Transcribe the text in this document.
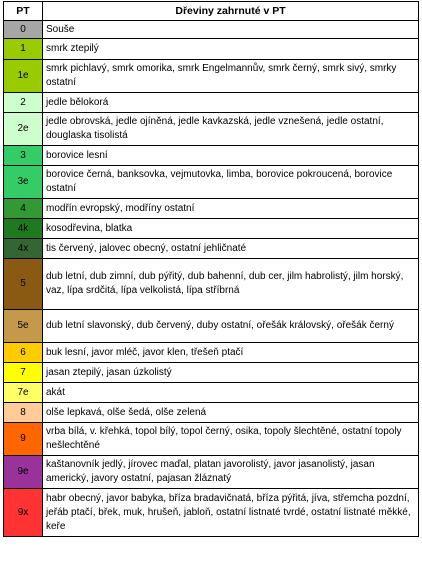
PT	Dřeviny zahrnuté v PT
0	Souše
1	smrk ztepilý
1e	smrk pichlavý, smrk omorika, smrk Engelmannův, smrk černý, smrk sivý, smrky ostatní
2	jedle bělokorá
2e	jedle obrovská, jedle ojíněná, jedle kavkazská, jedle vznešená, jedle ostatní, douglaska tisolistá
3	borovice lesní
3e	borovice černá, banksovka, vejmutovka, limba, borovice pokroucená, borovice ostatní
4	modřín evropský, modříny ostatní
4k	kosodřevina, blatka
4x	tis červený, jalovec obecný, ostatní jehličnaté
5	dub letní, dub zimní, dub pýřitý, dub bahenní, dub cer, jilm habrolistý, jilm horský, vaz, lípa srdčitá, lípa velkolistá, lípa stříbrná
5e	dub letní slavonský, dub červený, duby ostatní, ořešák královský, ořešák černý
6	buk lesní, javor mléč, javor klen, třešeň ptačí
7	jasan ztepilý, jasan úzkolistý
7e	akát
8	olše lepkavá, olše šedá, olše zelená
9	vrba bílá, v. křehká, topol bílý, topol černý, osika, topoly šlechtěné, ostatní topoly nešlechtěné
9e	kaštanovník jedlý, jírovec maďal, platan javorolistý, javor jasanolistý, jasan americký, javory ostatní, pajasan žláznatý
9x	habr obecný, javor babyka, bříza bradavičnatá, bříza pýřitá, jíva, střemcha pozdní, jeřáb ptačí, břek, muk, hrušeň, jabloň, ostatní listnaté tvrdé, ostatní listnaté měkké, keře
